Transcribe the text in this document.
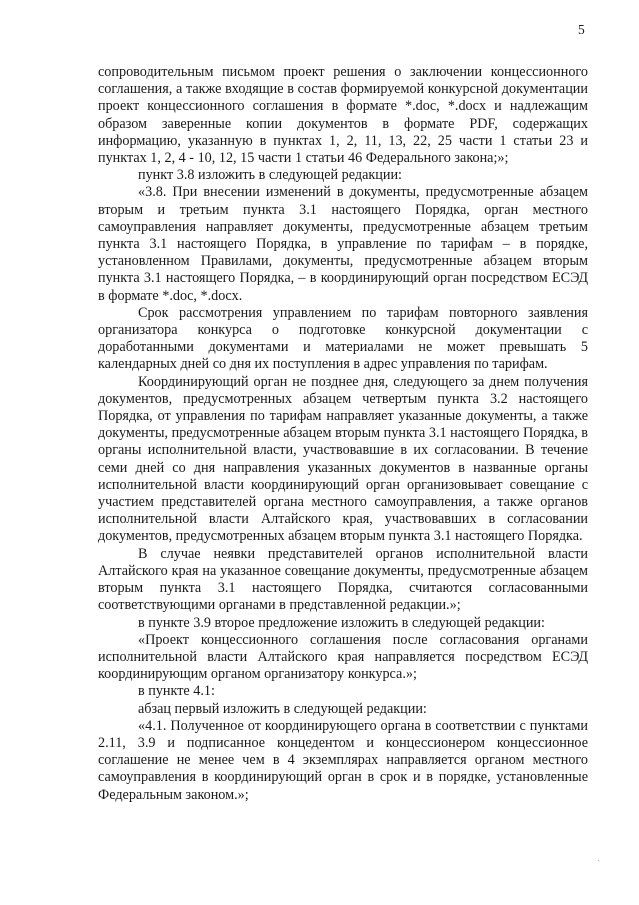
5

сопроводительным письмом проект решения о заключении концессионного соглашения, а также входящие в состав формируемой конкурсной документации проект концессионного соглашения в формате *.doc, *.docx и надлежащим образом заверенные копии документов в формате PDF, содержащих информацию, указанную в пунктах 1, 2, 11, 13, 22, 25 части 1 статьи 23 и пунктах 1, 2, 4 - 10, 12, 15 части 1 статьи 46 Федерального закона;»;

пункт 3.8 изложить в следующей редакции:

«3.8. При внесении изменений в документы, предусмотренные абзацем вторым и третьим пункта 3.1 настоящего Порядка, орган местного самоуправления направляет документы, предусмотренные абзацем третьим пункта 3.1 настоящего Порядка, в управление по тарифам – в порядке, установленном Правилами, документы, предусмотренные абзацем вторым пункта 3.1 настоящего Порядка, – в координирующий орган посредством ЕСЭД в формате *.doc, *.docx.

Срок рассмотрения управлением по тарифам повторного заявления организатора конкурса о подготовке конкурсной документации с доработанными документами и материалами не может превышать 5 календарных дней со дня их поступления в адрес управления по тарифам.

Координирующий орган не позднее дня, следующего за днем получения документов, предусмотренных абзацем четвертым пункта 3.2 настоящего Порядка, от управления по тарифам направляет указанные документы, а также документы, предусмотренные абзацем вторым пункта 3.1 настоящего Порядка, в органы исполнительной власти, участвовавшие в их согласовании. В течение семи дней со дня направления указанных документов в названные органы исполнительной власти координирующий орган организовывает совещание с участием представителей органа местного самоуправления, а также органов исполнительной власти Алтайского края, участвовавших в согласовании документов, предусмотренных абзацем вторым пункта 3.1 настоящего Порядка.

В случае неявки представителей органов исполнительной власти Алтайского края на указанное совещание документы, предусмотренные абзацем вторым пункта 3.1 настоящего Порядка, считаются согласованными соответствующими органами в представленной редакции.»;

в пункте 3.9 второе предложение изложить в следующей редакции:

«Проект концессионного соглашения после согласования органами исполнительной власти Алтайского края направляется посредством ЕСЭД координирующим органом организатору конкурса.»;

в пункте 4.1:

абзац первый изложить в следующей редакции:

«4.1. Полученное от координирующего органа в соответствии с пунктами 2.11, 3.9 и подписанное концедентом и концессионером концессионное соглашение не менее чем в 4 экземплярах направляется органом местного самоуправления в координирующий орган в срок и в порядке, установленные Федеральным законом.»;

ˏ
